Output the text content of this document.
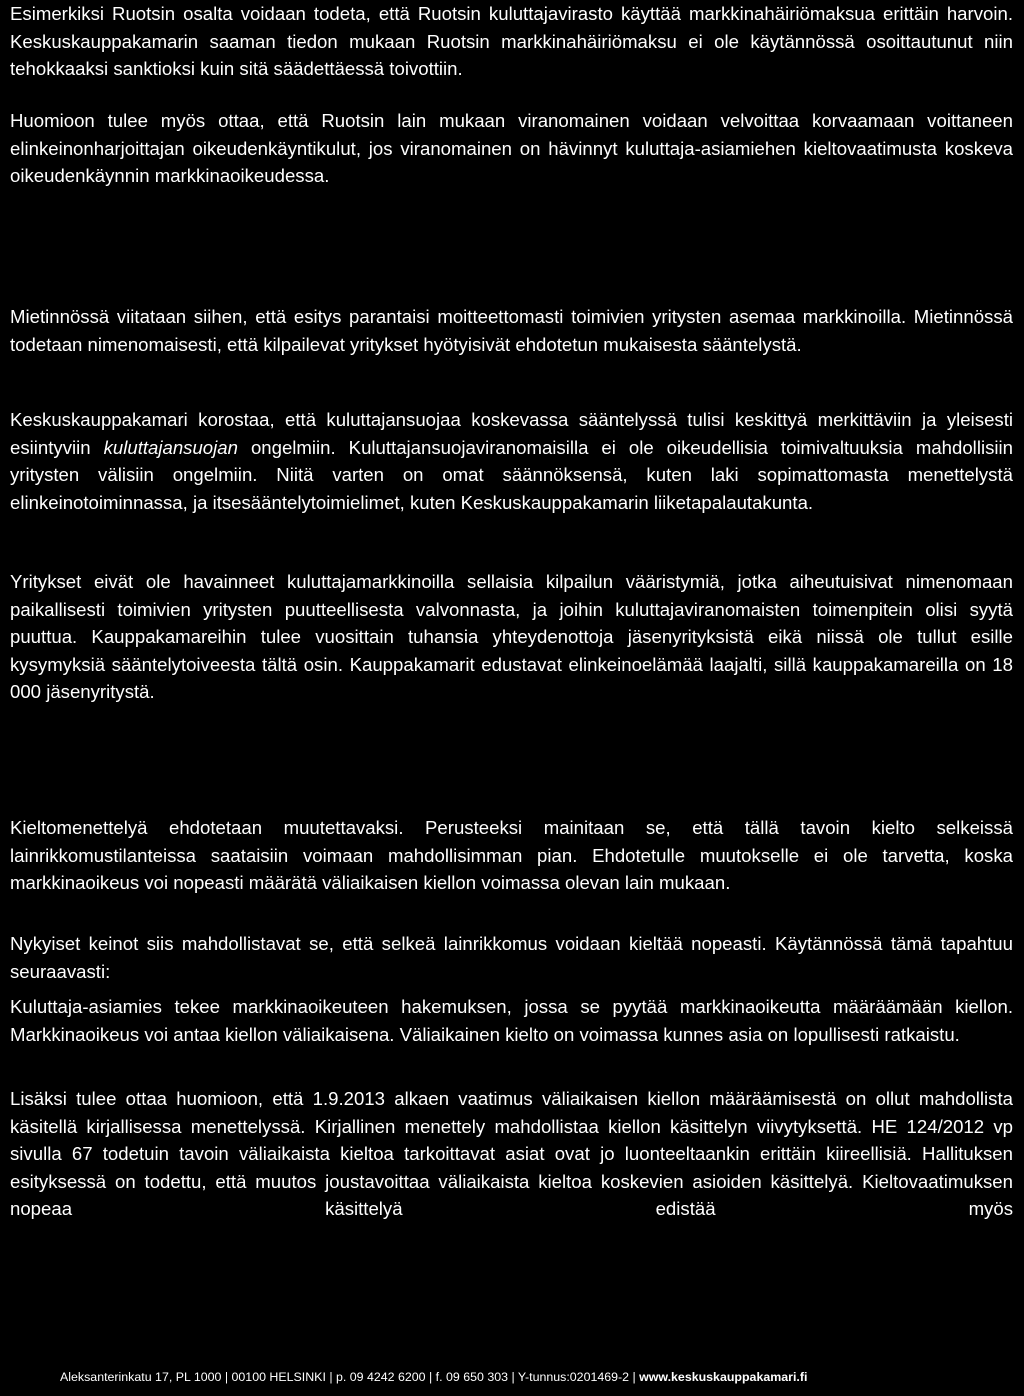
Esimerkiksi Ruotsin osalta voidaan todeta, että Ruotsin kuluttajavirasto käyttää markkinahäiriömaksua erittäin harvoin. Keskuskauppakamarin saaman tiedon mukaan Ruotsin markkinahäiriömaksu ei ole käytännössä osoittautunut niin tehokkaaksi sanktioksi kuin sitä säädettäessä toivottiin.

Huomioon tulee myös ottaa, että Ruotsin lain mukaan viranomainen voidaan velvoittaa korvaamaan voittaneen elinkeinonharjoittajan oikeudenkäyntikulut, jos viranomainen on hävinnyt kuluttaja-asiamiehen kieltovaatimusta koskeva oikeudenkäynnin markkinaoikeudessa.

Mietinnössä viitataan siihen, että esitys parantaisi moitteettomasti toimivien yritysten asemaa markkinoilla. Mietinnössä todetaan nimenomaisesti, että kilpailevat yritykset hyötyisivät ehdotetun mukaisesta sääntelystä.

Keskuskauppakamari korostaa, että kuluttajansuojaa koskevassa sääntelyssä tulisi keskittyä merkittäviin ja yleisesti esiintyviin kuluttajansuojan ongelmiin. Kuluttajansuojaviranomaisilla ei ole oikeudellisia toimivaltuuksia mahdollisiin yritysten välisiin ongelmiin. Niitä varten on omat säännöksensä, kuten laki sopimattomasta menettelystä elinkeinotoiminnassa, ja itsesääntelytoimielimet, kuten Keskuskauppakamarin liiketapalautakunta.

Yritykset eivät ole havainneet kuluttajamarkkinoilla sellaisia kilpailun vääristymiä, jotka aiheutuisivat nimenomaan paikallisesti toimivien yritysten puutteellisesta valvonnasta, ja joihin kuluttajaviranomaisten toimenpitein olisi syytä puuttua. Kauppakamareihin tulee vuosittain tuhansia yhteydenottoja jäsenyrityksistä eikä niissä ole tullut esille kysymyksiä sääntelytoiveesta tältä osin. Kauppakamarit edustavat elinkeinoelämää laajalti, sillä kauppakamareilla on 18 000 jäsenyritystä.

Kieltomenettelyä ehdotetaan muutettavaksi. Perusteeksi mainitaan se, että tällä tavoin kielto selkeissä lainrikkomustilanteissa saataisiin voimaan mahdollisimman pian. Ehdotetulle muutokselle ei ole tarvetta, koska markkinaoikeus voi nopeasti määrätä väliaikaisen kiellon voimassa olevan lain mukaan.

Nykyiset keinot siis mahdollistavat se, että selkeä lainrikkomus voidaan kieltää nopeasti. Käytännössä tämä tapahtuu seuraavasti:

Kuluttaja-asiamies tekee markkinaoikeuteen hakemuksen, jossa se pyytää markkinaoikeutta määräämään kiellon. Markkinaoikeus voi antaa kiellon väliaikaisena. Väliaikainen kielto on voimassa kunnes asia on lopullisesti ratkaistu.

Lisäksi tulee ottaa huomioon, että 1.9.2013 alkaen vaatimus väliaikaisen kiellon määräämisestä on ollut mahdollista käsitellä kirjallisessa menettelyssä. Kirjallinen menettely mahdollistaa kiellon käsittelyn viivytyksettä. HE 124/2012 vp sivulla 67 todetuin tavoin väliaikaista kieltoa tarkoittavat asiat ovat jo luonteeltaankin erittäin kiireellisiä. Hallituksen esityksessä on todettu, että muutos joustavoittaa väliaikaista kieltoa koskevien asioiden käsittelyä. Kieltovaatimuksen nopeaa käsittelyä edistää myös

Aleksanterinkatu 17, PL 1000 | 00100 HELSINKI | p. 09 4242 6200 | f. 09 650 303 | Y-tunnus:0201469-2 | www.keskuskauppakamari.fi
